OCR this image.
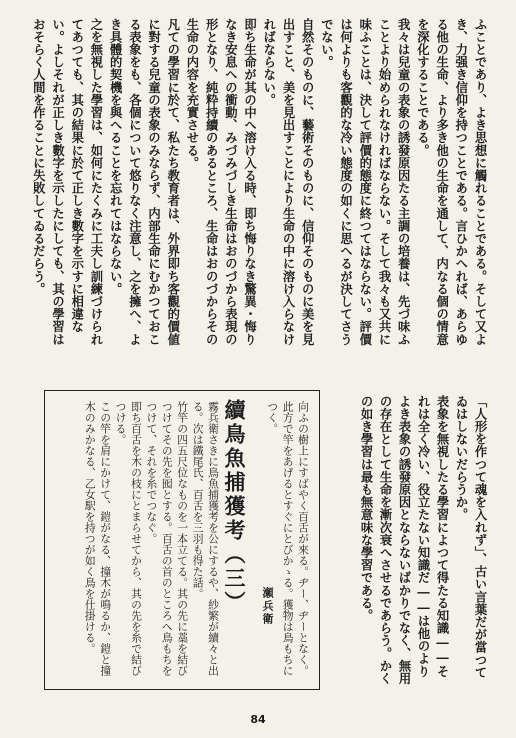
ふことであり、よき思想に觸れることである。そして又よき、力强き信仰を持つことである。言ひかへれば、あらゆる他の生命、より多き他の生命を通して、内なる個の情意を深化することである。
我々は兒童の表象の誘發原因たる主調の培養は、先づ味ふことより始められなければならない。そして我々も又共に味ふことは、決して評價的態度に終つてはならない。評價は何よりも客觀的な冷い態度の如くに思へるが決してさうでない。
自然そのものに、藝術そのものに、信仰そのものに美を見出すこと、美を見出すことにより生命の中に溶け入らなければならない。
即ち生命が其の中へ溶け入る時、即ち悔りなき驚異・悔りなき安息への衝動、みづみづしき生命はおのづから表現の形となり、純粋持續のあるところ、生命はおのづからその生命の内容を充實させる。
凡ての學習に於て、私たち教育者は、外界即ち客觀的價値に對する兒童の表象のみならず、内部生命にむかつておこる表象をも、各個について悠りなく注意し、之を擁へ、よき具體的契機を與へることを忘れてはならない。
之を無視した學習は、如何にたくみに工夫し訓練づけられてあつても、其の結果に於て正しき數字を示すに相違ない。よしそれが正しき數字を示したにしても、其の學習はおそらく人間を作ることに失敗してゐるだらう。
「人形を作つて魂を入れず」、古い言葉だが當つてゐはしないだらうか。
表象を無視したる學習によつて得たる知識――それは全く冷い、役立たない知識だ――は他のよりよき表象の誘發原因とならないばかりでなく、無用の存在として生命を漸次衰へさせるであらう。かくの如き學習は最も無意味な學習である。
續鳥魚捕獲考（三） 瀬兵衛
霧兵衛さきに鳥魚捕獲考を公にするや、紗繁が續々と出る。次は鐵尾氏、百舌を三羽も得た話。
竹竿の四五尺位なものを一本立てる。其の先に藁を結びつけてその先を囮とする。百舌の首のところへ鳥もちをつけて、それを糸でつなぐ。
即ち百舌を木の枝にとまらせてから、其の先を糸で結びつける。
この竿を肩にかけて、鎧がなる、撞木が鳴るか、鎧と撞木のみかなる、乙女駅を持つが如く鳥を仕掛ける。	向ふの樹上にすばやく百舌が來る。ヂー、ヂーとなく。
此方で竿をあげるとすぐにとびかゝる。獲物は鳥もちにつく。

84
